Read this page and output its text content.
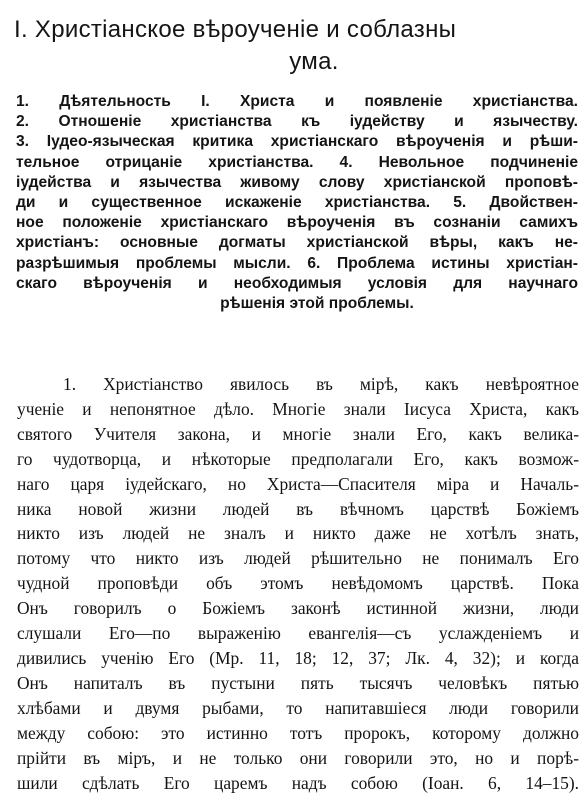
I. Христіанское вѣроученіе и соблазны
ума.
1. Дѣятельность I. Христа и появленіе христіанства.
2. Отношеніе христіанства къ іудейству и язычеству.
3. Іудео-языческая критика христіанскаго вѣроученія и рѣши-
тельное отрицаніе христіанства. 4. Невольное подчиненіе
іудейства и язычества живому слову христіанской проповѣ-
ди и существенное искаженіе христіанства. 5. Двойствен-
ное положеніе христіанскаго вѣроученія въ сознаніи самихъ
христіанъ: основные догматы христіанской вѣры, какъ не-
разрѣшимыя проблемы мысли. 6. Проблема истины христіан-
скаго вѣроученія и необходимыя условія для научнаго
рѣшенія этой проблемы.
1. Христіанство явилось въ мірѣ, какъ невѣроятное
ученіе и непонятное дѣло. Многіе знали Іисуса Христа, какъ
святого Учителя закона, и многіе знали Его, какъ велика-
го чудотворца, и нѣкоторые предполагали Его, какъ возмож-
наго царя іудейскаго, но Христа—Спасителя міра и Началь-
ника новой жизни людей въ вѣчномъ царствѣ Божіемъ
никто изъ людей не зналъ и никто даже не хотѣлъ знать,
потому что никто изъ людей рѣшительно не понималъ Его
чудной проповѣди объ этомъ невѣдомомъ царствѣ. Пока
Онъ говорилъ о Божіемъ законѣ истинной жизни, люди
слушали Его—по выраженію евангелія—съ услажденіемъ и
дивились ученію Его (Мр. 11, 18; 12, 37; Лк. 4, 32); и когда
Онъ напиталъ въ пустыни пять тысячъ человѣкъ пятью
хлѣбами и двумя рыбами, то напитавшіеся люди говорили
между собою: это истинно тотъ пророкъ, которому должно
прійти въ міръ, и не только они говорили это, но и порѣ-
шили сдѣлать Его царемъ надъ собою (Іоан. 6, 14–15).
